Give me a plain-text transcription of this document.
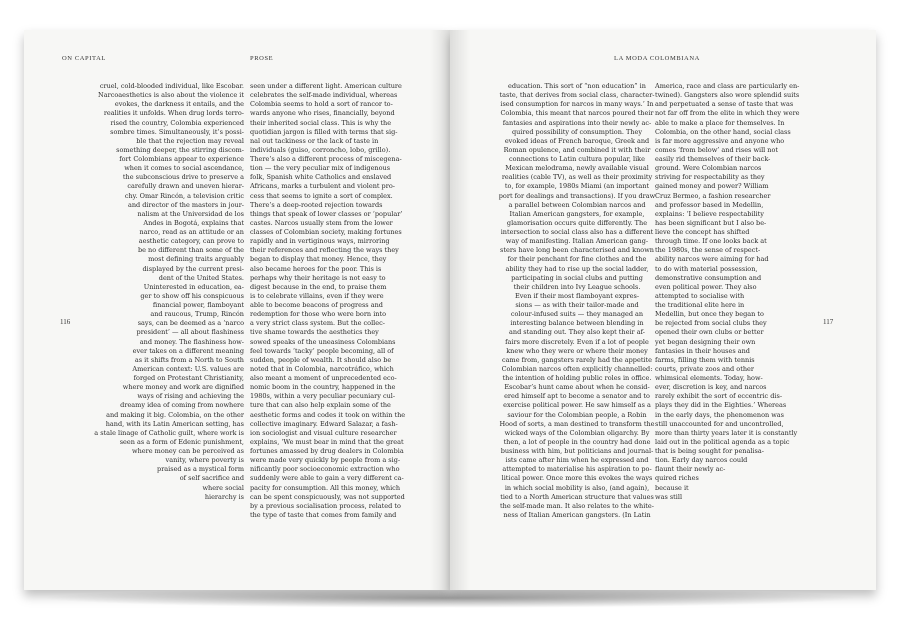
ON CAPITAL	PROSE	LA MODA COLOMBIANA
116	117

cruel, cold-blooded individual, like Escobar.

Narcoaesthetics is also about the violence it

evokes, the darkness it entails, and the

realities it unfolds. When drug lords terro-

rised the country, Colombia experienced

sombre times. Simultaneously, it’s possi-

ble that the rejection may reveal

something deeper, the stirring discom-

fort Colombians appear to experience

when it comes to social ascendance,

the subconscious drive to preserve a

carefully drawn and uneven hierar-

chy. Omar Rincón, a television critic

and director of the masters in jour-

nalism at the Universidad de los

Andes in Bogotá, explains that

narco, read as an attitude or an

aesthetic category, can prove to

be no different than some of the

most defining traits arguably

displayed by the current presi-

dent of the United States.

Uninterested in education, ea-

ger to show off his conspicuous

financial power, flamboyant

and raucous, Trump, Rincón

says, can be deemed as a ‘narco

president’ — all about flashiness

and money. The flashiness how-

ever takes on a different meaning

as it shifts from a North to South

American context: U.S. values are

forged on Protestant Christianity,

where money and work are dignified

ways of rising and achieving the

dreamy idea of coming from nowhere

and making it big. Colombia, on the other

hand, with its Latin American setting, has

a stale linage of Catholic guilt, where work is

seen as a form of Edenic punishment,

where money can be perceived as

vanity, where poverty is

praised as a mystical form

of self sacrifice and

where social

hierarchy is

seen under a different light. American culture

celebrates the self-made individual, whereas

Colombia seems to hold a sort of rancor to-

wards anyone who rises, financially, beyond

their inherited social class. This is why the

quotidian jargon is filled with terms that sig-

nal out tackiness or the lack of taste in

individuals (guiso, corroncho, lobo, grillo).

There’s also a different process of miscegena-

tion — the very peculiar mix of indigenous

folk, Spanish white Catholics and enslaved

Africans, marks a turbulent and violent pro-

cess that seems to ignite a sort of complex.

There’s a deep-rooted rejection towards

things that speak of lower classes or ‘popular’

castes. Narcos usually stem from the lower

classes of Colombian society, making fortunes

rapidly and in vertiginous ways, mirroring

their references and reflecting the ways they

began to display that money. Hence, they

also became heroes for the poor. This is

perhaps why their heritage is not easy to

digest because in the end, to praise them

is to celebrate villains, even if they were

able to become beacons of progress and

redemption for those who were born into

a very strict class system. But the collec-

tive shame towards the aesthetics they

sowed speaks of the uneasiness Colombians

feel towards ‘tacky’ people becoming, all of

sudden, people of wealth. It should also be

noted that in Colombia, narcotráfico, which

also meant a moment of unprecedented eco-

nomic boom in the country, happened in the

1980s, within a very peculiar pecuniary cul-

ture that can also help explain some of the

aesthetic forms and codes it took on within the

collective imaginary. Edward Salazar, a fash-

ion sociologist and visual culture researcher

explains, ‘We must bear in mind that the great

fortunes amassed by drug dealers in Colombia

were made very quickly by people from a sig-

nificantly poor socioeconomic extraction who

suddenly were able to gain a very different ca-

pacity for consumption. All this money, which

can be spent conspicuously, was not supported

by a previous socialisation process, related to

the type of taste that comes from family and

education. This sort of “non education” in

taste, that derives from social class, character-

ised consumption for narcos in many ways.’ In

Colombia, this meant that narcos poured their

fantasies and aspirations into their newly ac-

quired possibility of consumption. They

evoked ideas of French baroque, Greek and

Roman opulence, and combined it with their

connections to Latin cultura popular, like

Mexican melodrama, newly available visual

realities (cable TV), as well as their proximity

to, for example, 1980s Miami (an important

port for dealings and transactions). If you draw

a parallel between Colombian narcos and

Italian American gangsters, for example,

glamorisation occurs quite differently. The

intersection to social class also has a different

way of manifesting. Italian American gang-

sters have long been characterised and known

for their penchant for fine clothes and the

ability they had to rise up the social ladder,

participating in social clubs and putting

their children into Ivy League schools.

Even if their most flamboyant expres-

sions — as with their tailor-made and

colour-infused suits — they managed an

interesting balance between blending in

and standing out. They also kept their af-

fairs more discretely. Even if a lot of people

knew who they were or where their money

came from, gangsters rarely had the appetite

Colombian narcos often explicitly channelled:

the intention of holding public roles in office.

Escobar’s hunt came about when he consid-

ered himself apt to become a senator and to

exercise political power. He saw himself as a

saviour for the Colombian people, a Robin

Hood of sorts, a man destined to transform the

wicked ways of the Colombian oligarchy. By

then, a lot of people in the country had done

business with him, but politicians and journal-

ists came after him when he expressed and

attempted to materialise his aspiration to po-

litical power. Once more this evokes the ways

in which social mobility is also, (and again),

tied to a North American structure that values

the self-made man. It also relates to the white-

ness of Italian American gangsters. (In Latin

America, race and class are particularly en-

twined). Gangsters also wore splendid suits

and perpetuated a sense of taste that was

not far off from the elite in which they were

able to make a place for themselves. In

Colombia, on the other hand, social class

is far more aggressive and anyone who

comes ‘from below’ and rises will not

easily rid themselves of their back-

ground. Were Colombian narcos

striving for respectability as they

gained money and power? William

Cruz Bermeo, a fashion researcher

and professor based in Medellin,

explains: ‘I believe respectability

has been significant but I also be-

lieve the concept has shifted

through time. If one looks back at

the 1980s, the sense of respect-

ability narcos were aiming for had

to do with material possession,

demonstrative consumption and

even political power. They also

attempted to socialise with

the traditional elite here in

Medellin, but once they began to

be rejected from social clubs they

opened their own clubs or better

yet began designing their own

fantasies in their houses and

farms, filling them with tennis

courts, private zoos and other

whimsical elements. Today, how-

ever, discretion is key, and narcos

rarely exhibit the sort of eccentric dis-

plays they did in the Eighties.’ Whereas

in the early days, the phenomenon was

still unaccounted for and uncontrolled,

more than thirty years later it is constantly

laid out in the political agenda as a topic

that is being sought for penalisa-

tion. Early day narcos could

flaunt their newly ac-

quired riches

because it

was still
